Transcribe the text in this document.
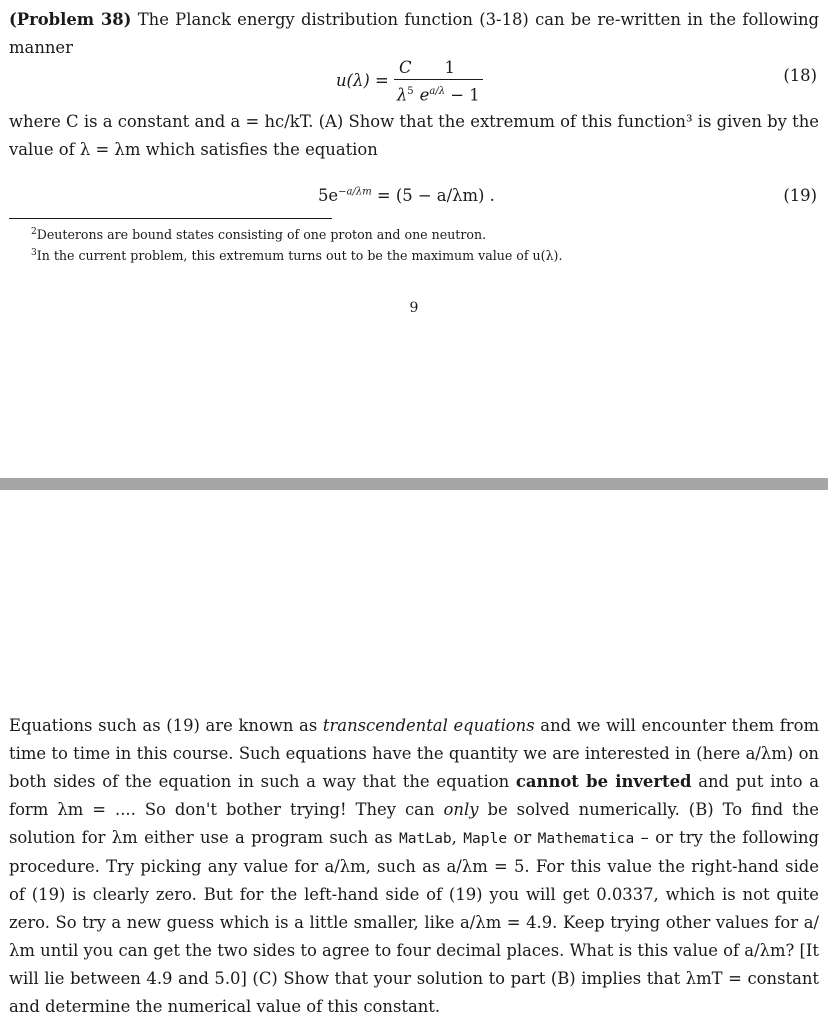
(Problem 38) The Planck energy distribution function (3-18) can be re-written in the following manner

$u(\lambda) = \frac{C}{\lambda^5} \frac{1}{e^{a/\lambda} - 1}$	(18)

where C is a constant and a = hc/kT. (A) Show that the extremum of this function³ is given by the value of λ = λm which satisfies the equation

$5e^{-a/\lambda m} = (5 - a/\lambda m)$ .	(19)
$^2$Deuterons are bound states consisting of one proton and one neutron.
$^3$In the current problem, this extremum turns out to be the maximum value of u(λ).
9

Equations such as (19) are known as transcendental equations and we will encounter them from time to time in this course. Such equations have the quantity we are interested in (here a/λm) on both sides of the equation in such a way that the equation cannot be inverted and put into a form λm = .... So don't bother trying! They can only be solved numerically. (B) To find the solution for λm either use a program such as MatLab, Maple or Mathematica – or try the following procedure. Try picking any value for a/λm, such as a/λm = 5. For this value the right-hand side of (19) is clearly zero. But for the left-hand side of (19) you will get 0.0337, which is not quite zero. So try a new guess which is a little smaller, like a/λm = 4.9. Keep trying other values for a/λm until you can get the two sides to agree to four decimal places. What is this value of a/λm? [It will lie between 4.9 and 5.0] (C) Show that your solution to part (B) implies that λmT = constant and determine the numerical value of this constant.
